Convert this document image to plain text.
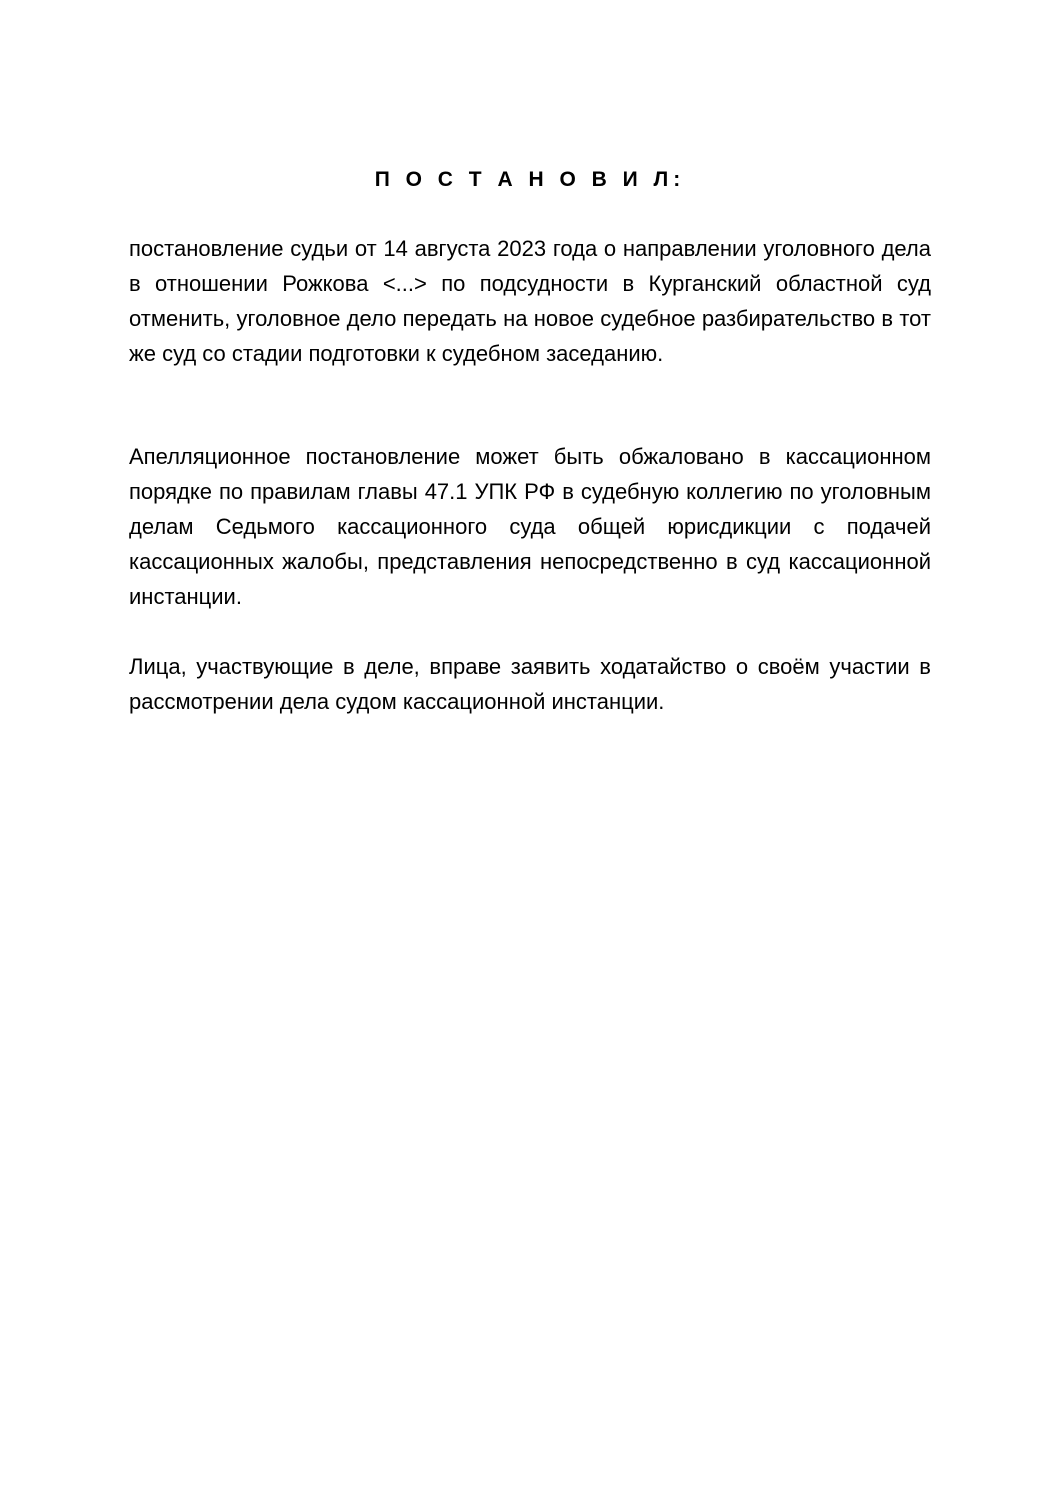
П О С Т А Н О В И Л:

постановление судьи от 14 августа 2023 года о направлении уголовного дела в отношении Рожкова <...> по подсудности в Курганский областной суд отменить, уголовное дело передать на новое судебное разбирательство в тот же суд со стадии подготовки к судебном заседанию.

Апелляционное постановление может быть обжаловано в кассационном порядке по правилам главы 47.1 УПК РФ в судебную коллегию по уголовным делам Седьмого кассационного суда общей юрисдикции с подачей кассационных жалобы, представления непосредственно в суд кассационной инстанции.

Лица, участвующие в деле, вправе заявить ходатайство о своём участии в рассмотрении дела судом кассационной инстанции.
